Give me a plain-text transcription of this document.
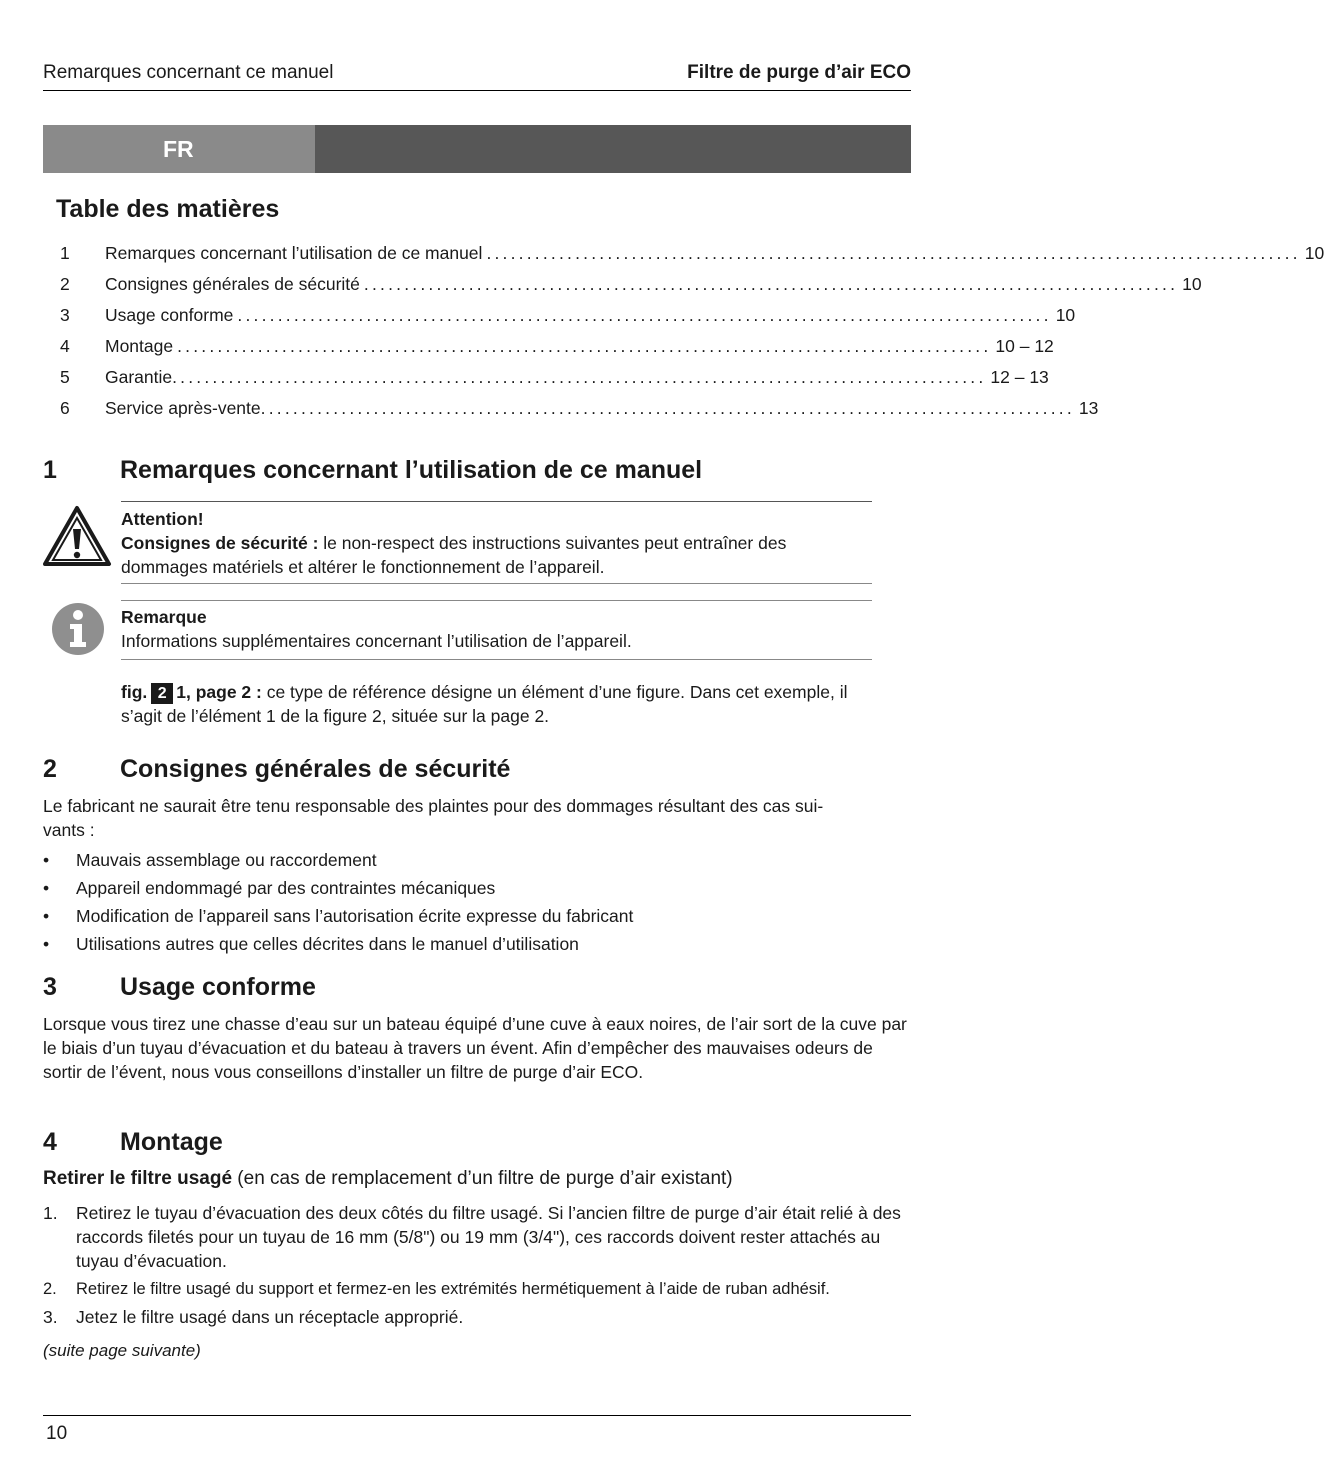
Remarques concernant ce manuel	Filtre de purge d’air ECO
FR
Table des matières
1	Remarques concernant l’utilisation de ce manuel ..................................................................................................... 10
2	Consignes générales de sécurité ..................................................................................................... 10
3	Usage conforme ..................................................................................................... 10
4	Montage ..................................................................................................... 10 – 12
5	Garantie ..................................................................................................... 12 – 13
6	Service après-vente ..................................................................................................... 13
1	Remarques concernant l’utilisation de ce manuel
Attention!
Consignes de sécurité : le non-respect des instructions suivantes peut entraîner des dommages matériels et altérer le fonctionnement de l’appareil.
Remarque
Informations supplémentaires concernant l’utilisation de l’appareil.
fig. 2 1, page 2 : ce type de référence désigne un élément d’une figure. Dans cet exemple, il s’agit de l’élément 1 de la figure 2, située sur la page 2.
2	Consignes générales de sécurité
Le fabricant ne saurait être tenu responsable des plaintes pour des dommages résultant des cas sui-
vants :
• Mauvais assemblage ou raccordement
• Appareil endommagé par des contraintes mécaniques
• Modification de l’appareil sans l’autorisation écrite expresse du fabricant
• Utilisations autres que celles décrites dans le manuel d’utilisation
3	Usage conforme
Lorsque vous tirez une chasse d’eau sur un bateau équipé d’une cuve à eaux noires, de l’air sort de la cuve par le biais d’un tuyau d’évacuation et du bateau à travers un évent. Afin d’empêcher des mauvaises odeurs de sortir de l’évent, nous vous conseillons d’installer un filtre de purge d’air ECO.
4	Montage
Retirer le filtre usagé (en cas de remplacement d’un filtre de purge d’air existant)
1. Retirez le tuyau d’évacuation des deux côtés du filtre usagé. Si l’ancien filtre de purge d’air était relié à des raccords filetés pour un tuyau de 16 mm (5/8") ou 19 mm (3/4"), ces raccords doivent rester attachés au tuyau d’évacuation.
2. Retirez le filtre usagé du support et fermez-en les extrémités hermétiquement à l’aide de ruban adhésif.
3. Jetez le filtre usagé dans un réceptacle approprié.
(suite page suivante)
10
